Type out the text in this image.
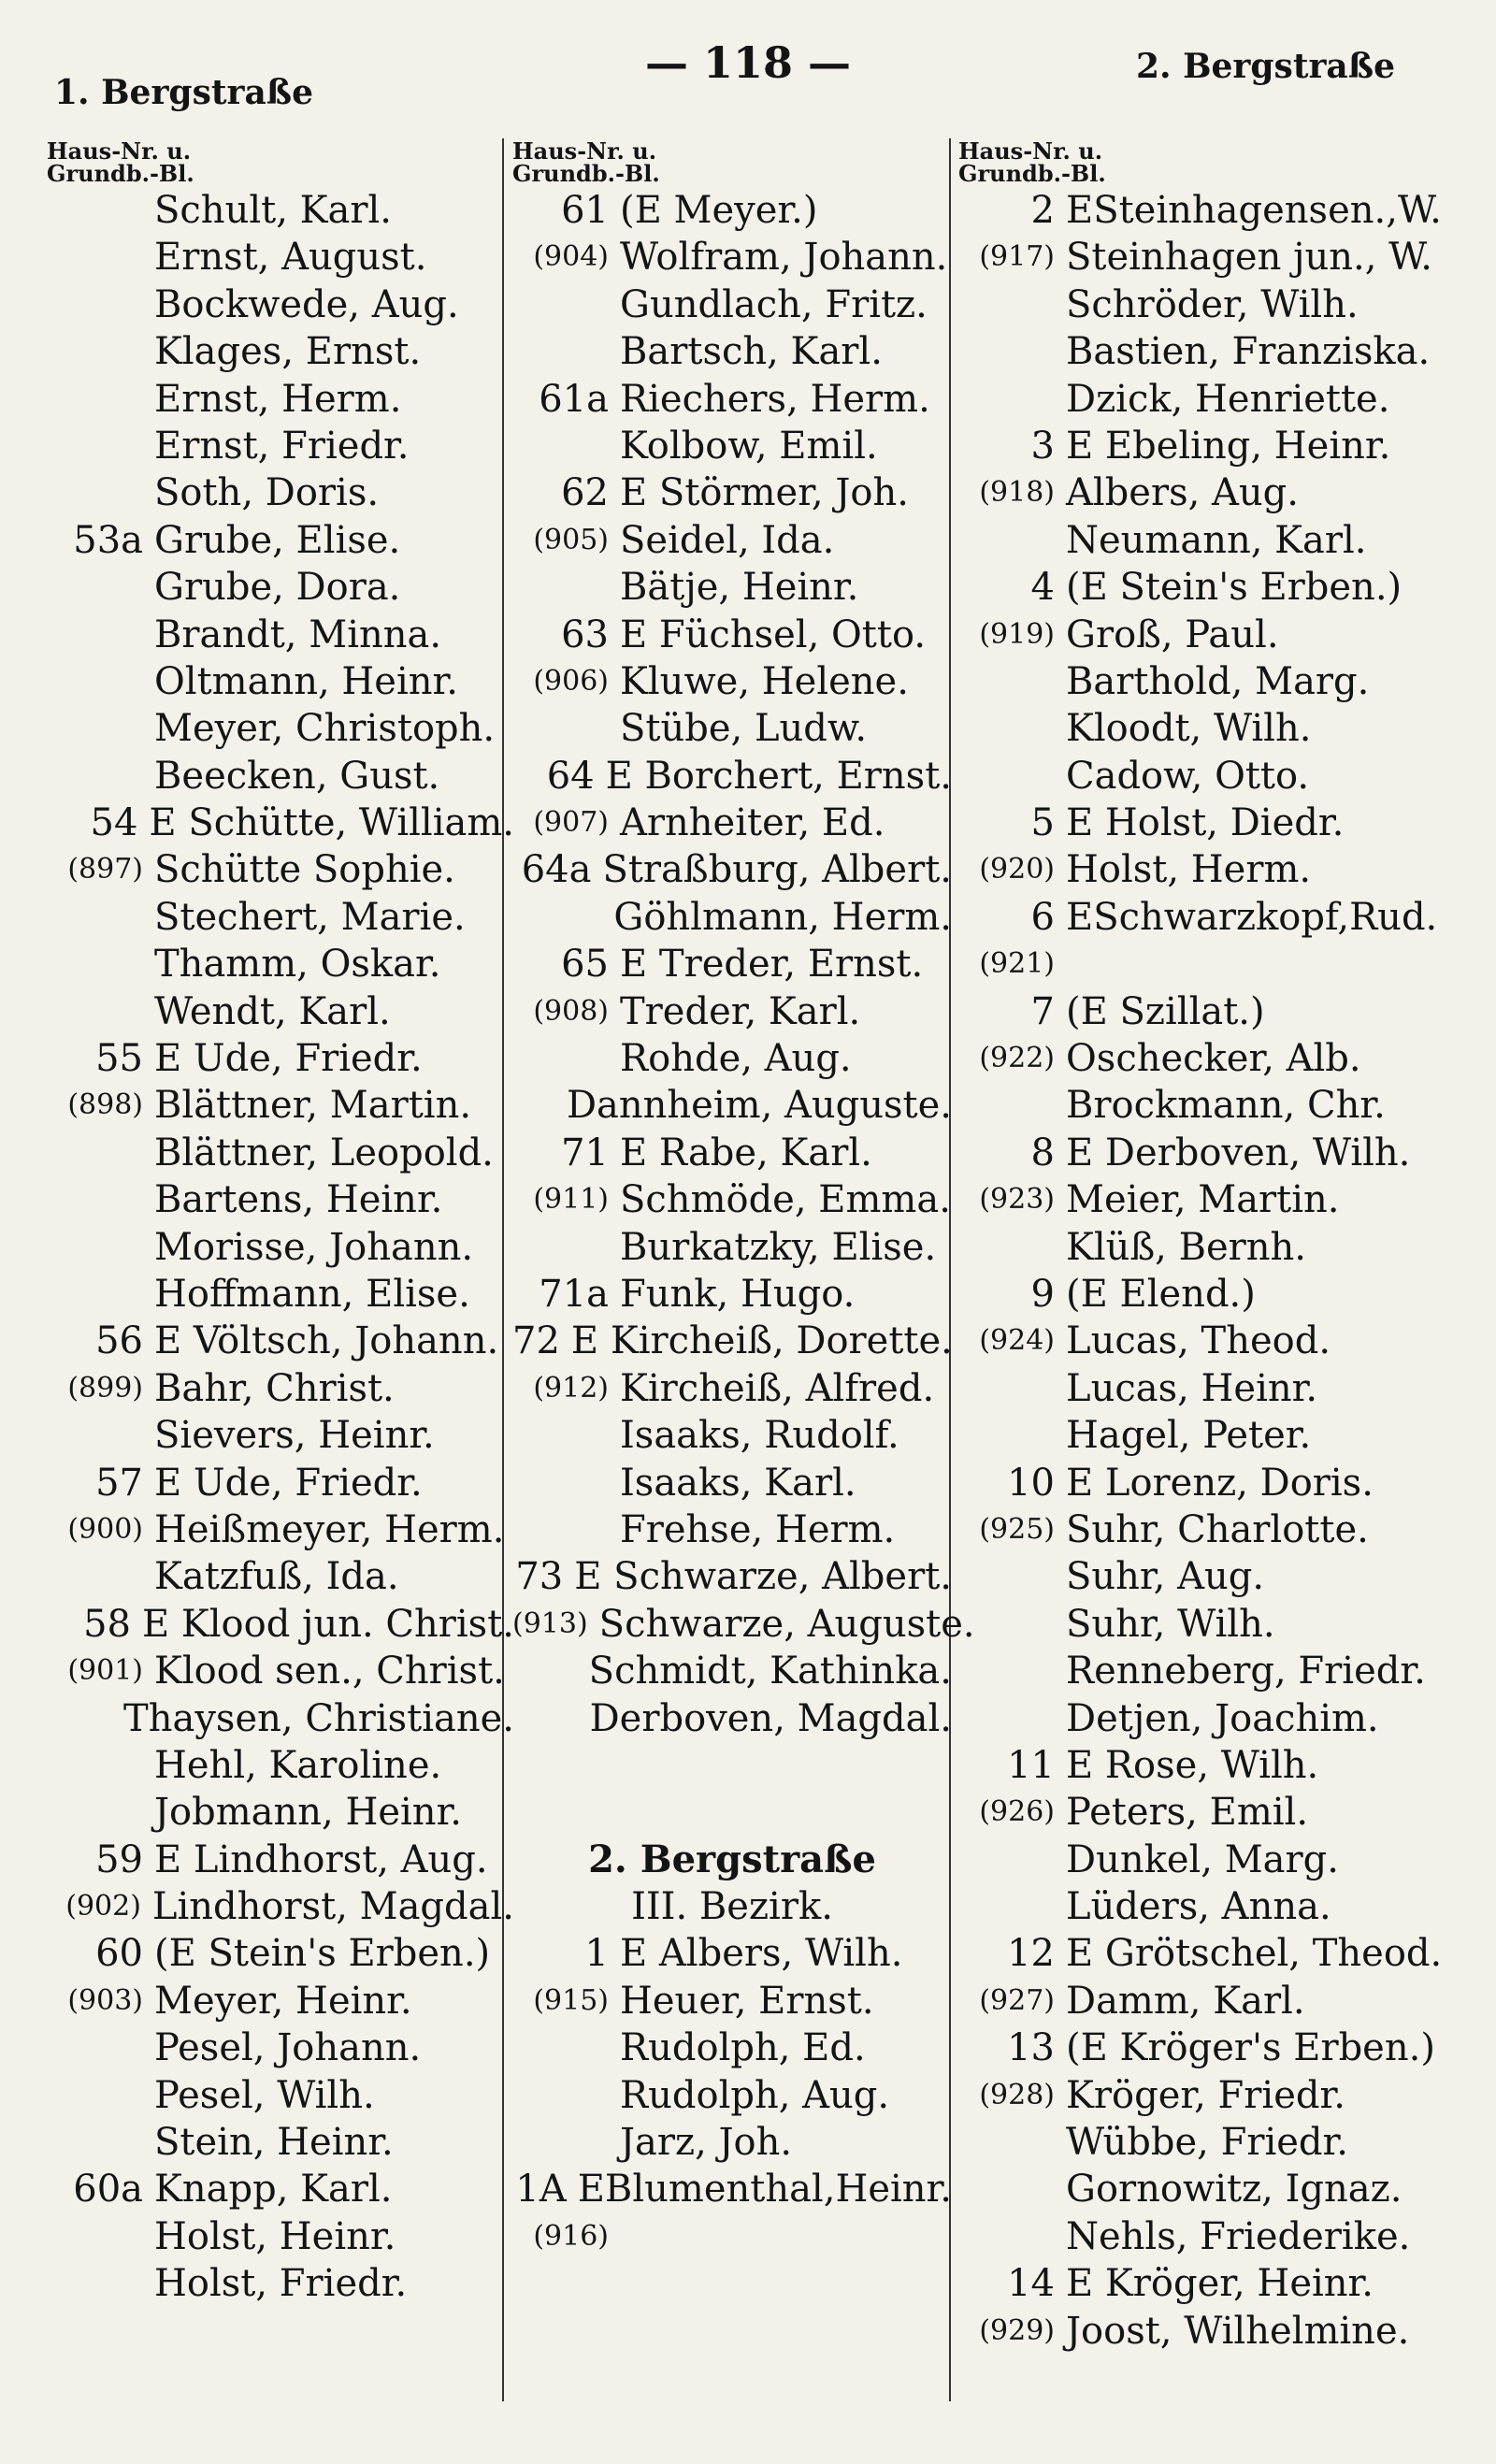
1. Bergstraße
— 118 —	2. Bergstraße
Haus-Nr. u.
Grundb.-Bl.
Schult, Karl.
Ernst, August.
Bockwede, Aug.
Klages, Ernst.
Ernst, Herm.
Ernst, Friedr.
Soth, Doris.
53a Grube, Elise.
Grube, Dora.
Brandt, Minna.
Oltmann, Heinr.
Meyer, Christoph.
Beecken, Gust.
54 E Schütte, William.
(897) Schütte Sophie.
Stechert, Marie.
Thamm, Oskar.
Wendt, Karl.
55 E Ude, Friedr.
(898) Blättner, Martin.
Blättner, Leopold.
Bartens, Heinr.
Morisse, Johann.
Hoffmann, Elise.
56 E Völtsch, Johann.
(899) Bahr, Christ.
Sievers, Heinr.
57 E Ude, Friedr.
(900) Heißmeyer, Herm.
Katzfuß, Ida.
58 E Klood jun. Christ.
(901) Klood sen., Christ.
Thaysen, Christiane.
Hehl, Karoline.
Jobmann, Heinr.
59 E Lindhorst, Aug.
(902) Lindhorst, Magdal.
60 (E Stein's Erben.)
(903) Meyer, Heinr.
Pesel, Johann.
Pesel, Wilh.
Stein, Heinr.
60a Knapp, Karl.
Holst, Heinr.
Holst, Friedr.
Haus-Nr. u.
Grundb.-Bl.
61 (E Meyer.)
(904) Wolfram, Johann.
Gundlach, Fritz.
Bartsch, Karl.
61a Riechers, Herm.
Kolbow, Emil.
62 E Störmer, Joh.
(905) Seidel, Ida.
Bätje, Heinr.
63 E Füchsel, Otto.
(906) Kluwe, Helene.
Stübe, Ludw.
64 E Borchert, Ernst.
(907) Arnheiter, Ed.
64a Straßburg, Albert.
Göhlmann, Herm.
65 E Treder, Ernst.
(908) Treder, Karl.
Rohde, Aug.
Dannheim, Auguste.
71 E Rabe, Karl.
(911) Schmöde, Emma.
Burkatzky, Elise.
71a Funk, Hugo.
72 E Kircheiß, Dorette.
(912) Kircheiß, Alfred.
Isaaks, Rudolf.
Isaaks, Karl.
Frehse, Herm.
73 E Schwarze, Albert.
(913) Schwarze, Auguste.
Schmidt, Kathinka.
Derboven, Magdal.
2. Bergstraße
III. Bezirk.
1 E Albers, Wilh.
(915) Heuer, Ernst.
Rudolph, Ed.
Rudolph, Aug.
Jarz, Joh.
1A EBlumenthal,Heinr.
(916)
Haus-Nr. u.
Grundb.-Bl.
2 ESteinhagensen.,W.
(917) Steinhagen jun., W.
Schröder, Wilh.
Bastien, Franziska.
Dzick, Henriette.
3 E Ebeling, Heinr.
(918) Albers, Aug.
Neumann, Karl.
4 (E Stein's Erben.)
(919) Groß, Paul.
Barthold, Marg.
Kloodt, Wilh.
Cadow, Otto.
5 E Holst, Diedr.
(920) Holst, Herm.
6 ESchwarzkopf,Rud.
(921)
7 (E Szillat.)
(922) Oschecker, Alb.
Brockmann, Chr.
8 E Derboven, Wilh.
(923) Meier, Martin.
Klüß, Bernh.
9 (E Elend.)
(924) Lucas, Theod.
Lucas, Heinr.
Hagel, Peter.
10 E Lorenz, Doris.
(925) Suhr, Charlotte.
Suhr, Aug.
Suhr, Wilh.
Renneberg, Friedr.
Detjen, Joachim.
11 E Rose, Wilh.
(926) Peters, Emil.
Dunkel, Marg.
Lüders, Anna.
12 E Grötschel, Theod.
(927) Damm, Karl.
13 (E Kröger's Erben.)
(928) Kröger, Friedr.
Wübbe, Friedr.
Gornowitz, Ignaz.
Nehls, Friederike.
14 E Kröger, Heinr.
(929) Joost, Wilhelmine.
